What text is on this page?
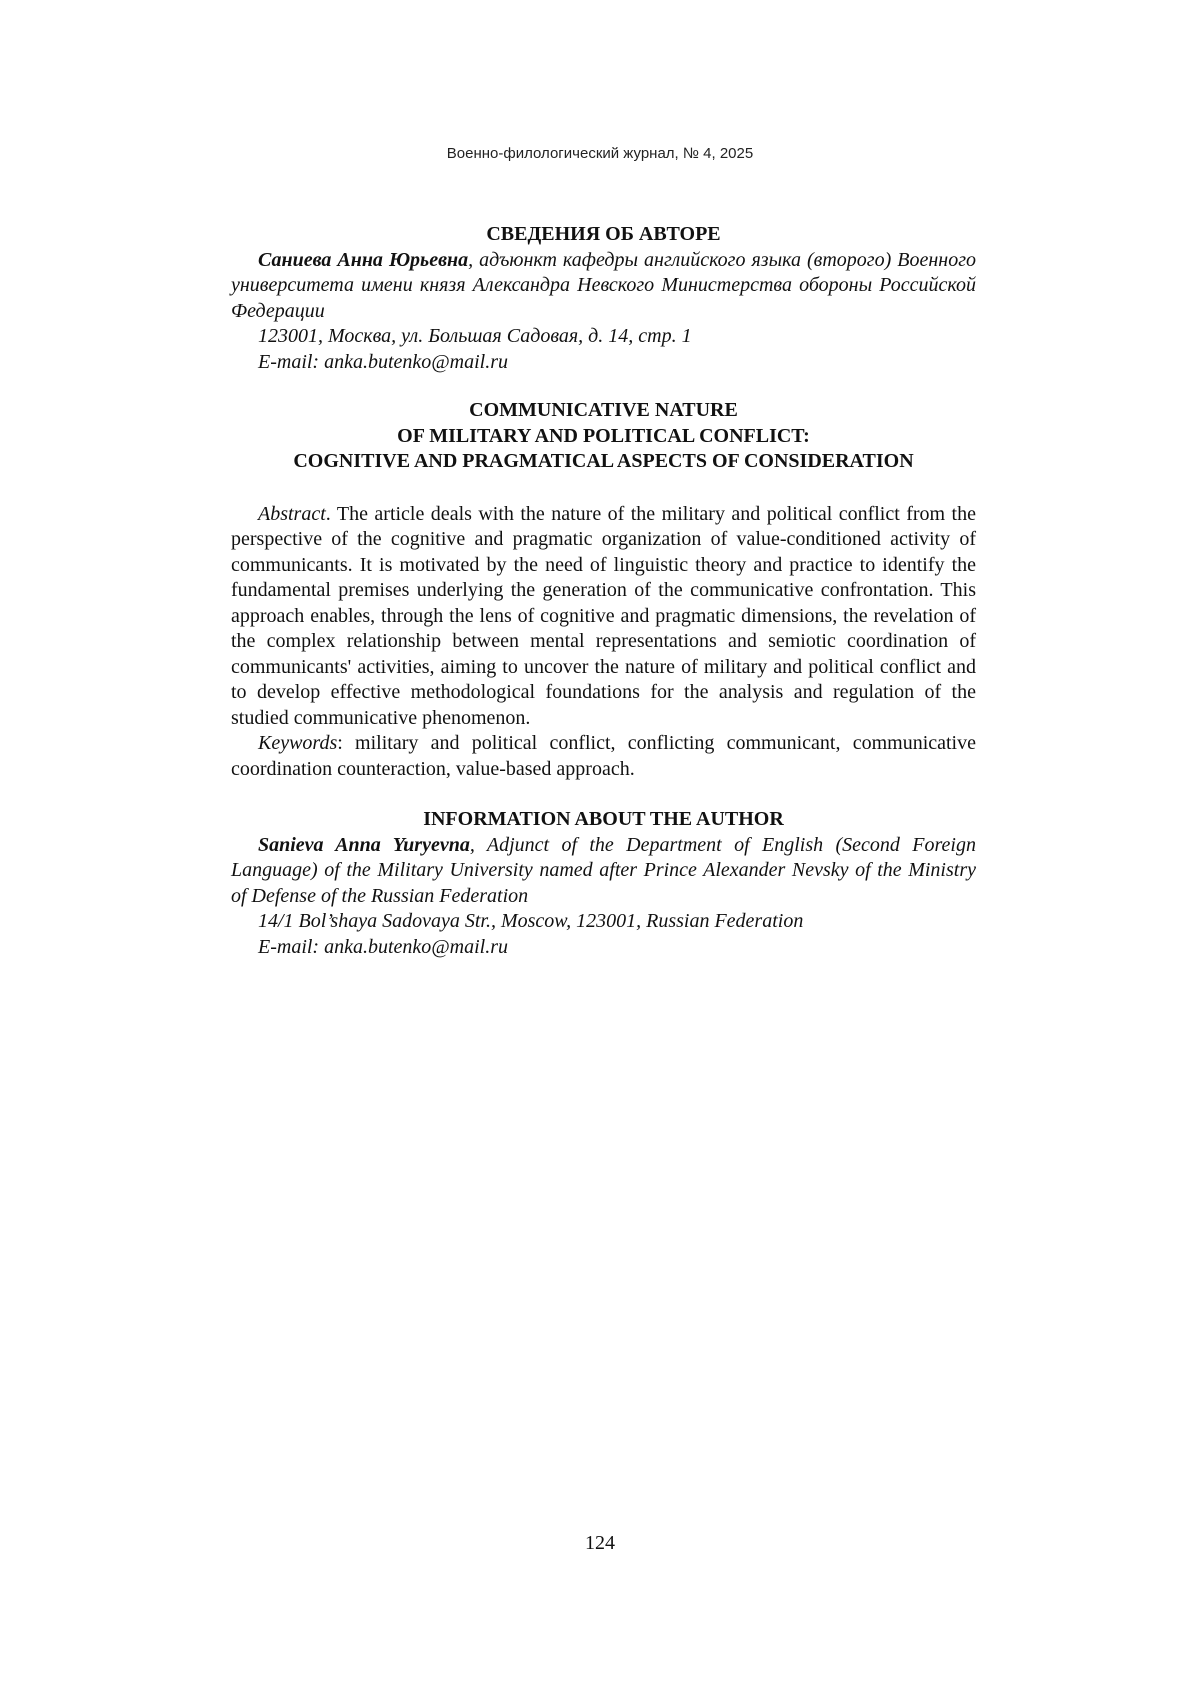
Военно-филологический журнал, № 4, 2025

СВЕДЕНИЯ ОБ АВТОРЕ

Саниева Анна Юрьевна, адъюнкт кафедры английского языка (второго) Военного университета имени князя Александра Невского Министерства обороны Российской Федерации

123001, Москва, ул. Большая Садовая, д. 14, стр. 1

E-mail: anka.butenko@mail.ru

COMMUNICATIVE NATURE

OF MILITARY AND POLITICAL CONFLICT:

COGNITIVE AND PRAGMATICAL ASPECTS OF CONSIDERATION

Abstract. The article deals with the nature of the military and political conflict from the perspective of the cognitive and pragmatic organization of value-conditioned activity of communicants. It is motivated by the need of linguistic theory and practice to identify the fundamental premises underlying the generation of the communicative confrontation. This approach enables, through the lens of cognitive and pragmatic dimensions, the revelation of the complex relationship between mental representations and semiotic coordination of communicants' activities, aiming to uncover the nature of military and political conflict and to develop effective methodological foundations for the analysis and regulation of the studied communicative phenomenon.

Keywords: military and political conflict, conflicting communicant, communicative coordination counteraction, value-based approach.

INFORMATION ABOUT THE AUTHOR

Sanieva Anna Yuryevna, Adjunct of the Department of English (Second Foreign Language) of the Military University named after Prince Alexander Nevsky of the Ministry of Defense of the Russian Federation

14/1 Bol’shaya Sadovaya Str., Moscow, 123001, Russian Federation

E-mail: anka.butenko@mail.ru

124
